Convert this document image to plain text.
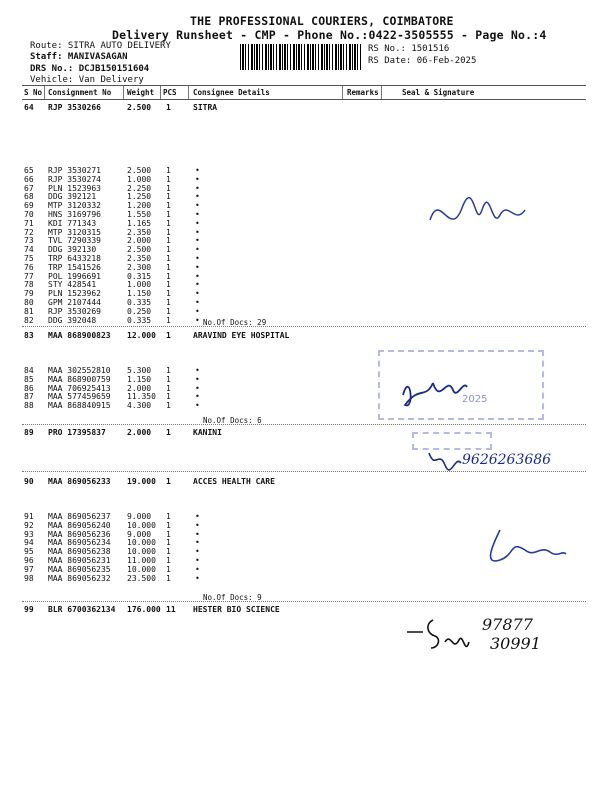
THE PROFESSIONAL COURIERS, COIMBATORE
Delivery Runsheet - CMP - Phone No.:0422-3505555 - Page No.:4
Route: SITRA AUTO DELIVERY
Staff: MANIVASAGAN
DRS No.: DCJB150151604
Vehicle: Van Delivery
RS No.: 1501516
RS Date: 06-Feb-2025
S No Consignment No Weight PCS Consignee Details	Remarks	Seal & Signature
64 RJP 3530266	2.500 1	SITRA
65 RJP 3530271	2.500 1	•
66 RJP 3530274	1.000 1	•
67 PLN 1523963	2.250 1	•
68 DDG 392121	1.250 1	•
69 MTP 3120332	1.200 1	•
70 HNS 3169796	1.550 1	•
71 KDI 771343	1.165 1	•
72 MTP 3120315	2.350 1	•
73 TVL 7290339	2.000 1	•
74 DDG 392130	2.500 1	•
75 TRP 6433218	2.350 1	•
76 TRP 1541526	2.300 1	•
77 POL 1996691	0.315 1	•
78 STY 428541	1.000 1	•
79 PLN 1523962	1.150 1	•
80 GPM 2107444	0.335 1	•
81 RJP 3530269	0.250 1	•
82 DDG 392048	0.335 1	• No.Of Docs: 29
83 MAA 868900823 12.000 1	ARAVIND EYE HOSPITAL
84 MAA 302552810 5.300 1	•
85 MAA 868900759 1.150 1	•
86 MAA 706925413 2.000 1	•
87 MAA 577459659 11.350 1	•
88 MAA 868840915 4.300 1	•
No.Of Docs: 6
89 PRO 17395837	2.000 1	KANINI
90 MAA 869056233 19.000 1	ACCES HEALTH CARE
91 MAA 869056237 9.000 1	•
92 MAA 869056240 10.000 1	•
93 MAA 869056236 9.000 1	•
94 MAA 869056234 10.000 1	•
95 MAA 869056238 10.000 1	•
96 MAA 869056231 11.000 1	•
97 MAA 869056235 10.000 1	•
98 MAA 869056232 23.500 1	•
No.Of Docs: 9
99 BLR 6700362134 176.000 11 HESTER BIO SCIENCE
2025
9626263686
97877
30991
